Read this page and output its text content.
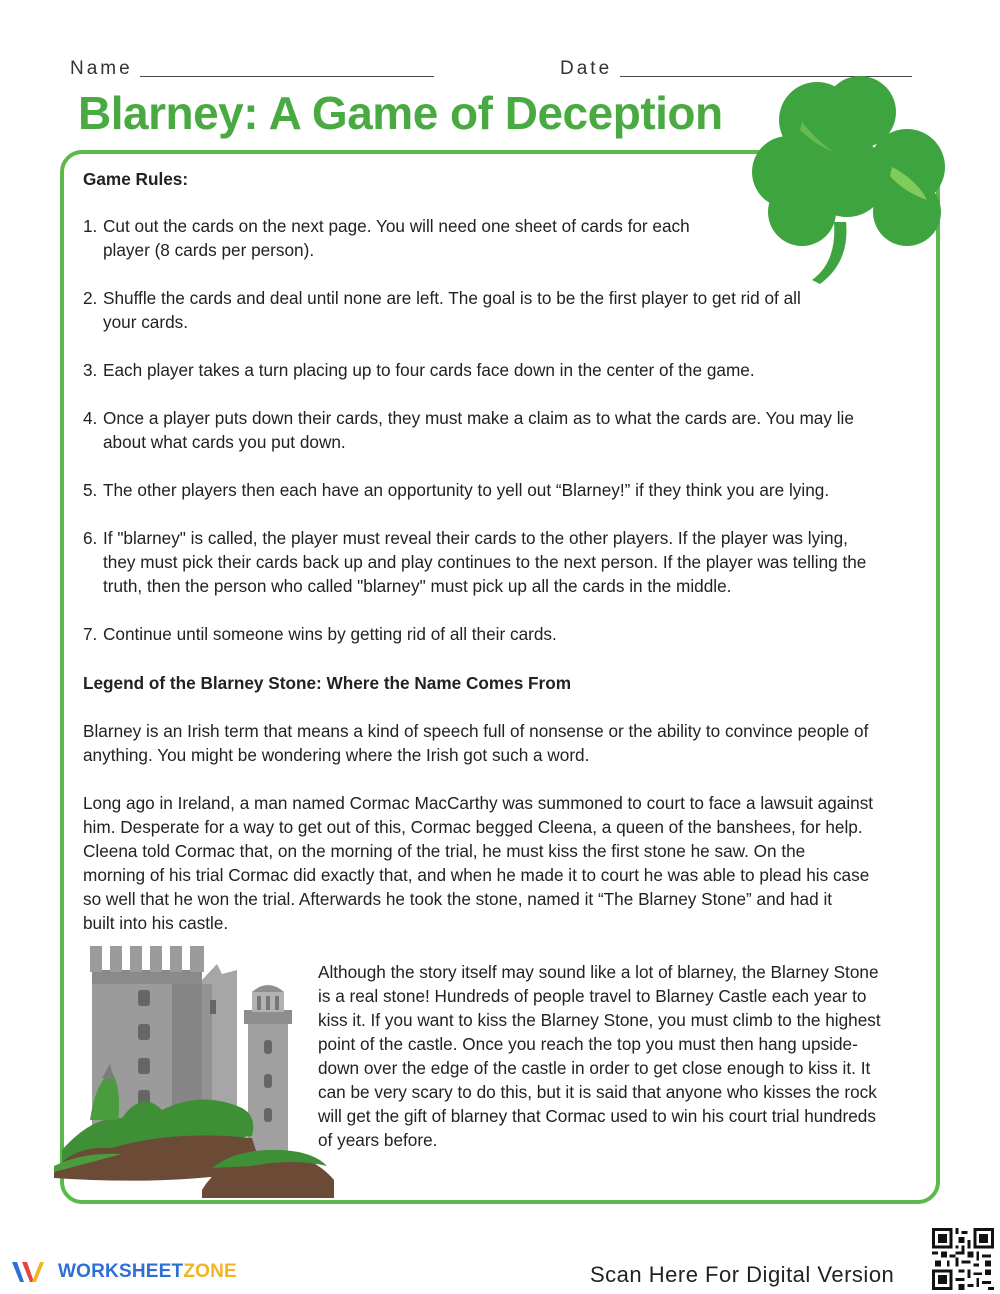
Name	Date
Blarney: A Game of Deception

Game Rules:

1. Cut out the cards on the next page. You will need one sheet of cards for each
player (8 cards per person).
2. Shuffle the cards and deal until none are left. The goal is to be the first player to get rid of all
your cards.
3. Each player takes a turn placing up to four cards face down in the center of the game.
4. Once a player puts down their cards, they must make a claim as to what the cards are. You may lie
about what cards you put down.
5. The other players then each have an opportunity to yell out “Blarney!” if they think you are lying.
6. If "blarney" is called, the player must reveal their cards to the other players. If the player was lying,
they must pick their cards back up and play continues to the next person. If the player was telling the
truth, then the person who called "blarney" must pick up all the cards in the middle.
7. Continue until someone wins by getting rid of all their cards.

Legend of the Blarney Stone: Where the Name Comes From

Blarney is an Irish term that means a kind of speech full of nonsense or the ability to convince people of
anything. You might be wondering where the Irish got such a word.
Long ago in Ireland, a man named Cormac MacCarthy was summoned to court to face a lawsuit against
him. Desperate for a way to get out of this, Cormac begged Cleena, a queen of the banshees, for help.
Cleena told Cormac that, on the morning of the trial, he must kiss the first stone he saw. On the
morning of his trial Cormac did exactly that, and when he made it to court he was able to plead his case
so well that he won the trial. Afterwards he took the stone, named it “The Blarney Stone” and had it
built into his castle.
Although the story itself may sound like a lot of blarney, the Blarney Stone
is a real stone! Hundreds of people travel to Blarney Castle each year to
kiss it. If you want to kiss the Blarney Stone, you must climb to the highest
point of the castle. Once you reach the top you must then hang upside-
down over the edge of the castle in order to get close enough to kiss it. It
can be very scary to do this, but it is said that anyone who kisses the rock
will get the gift of blarney that Cormac used to win his court trial hundreds
of years before.
WORKSHEETZONE	Scan Here For Digital Version
